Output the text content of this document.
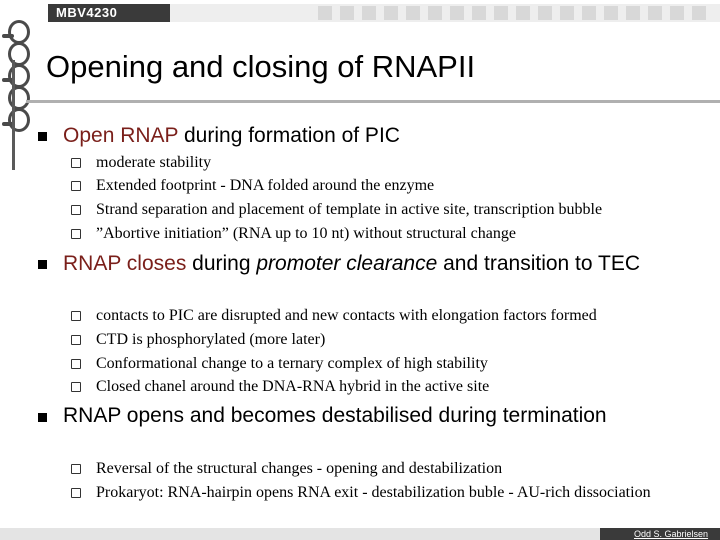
MBV4230
Opening and closing of RNAPII
Open RNAP during formation of PIC
moderate stability
Extended footprint - DNA folded around the enzyme
Strand separation and placement of template in active site, transcription bubble
”Abortive initiation” (RNA up to 10 nt) without structural change
RNAP closes during promoter clearance and transition to TEC
contacts to PIC are disrupted and new contacts with elongation factors formed
CTD is phosphorylated (more later)
Conformational change to a ternary complex of high stability
Closed chanel around the DNA-RNA hybrid in the active site
RNAP opens and becomes destabilised during termination
Reversal of the structural changes - opening and destabilization
Prokaryot: RNA-hairpin opens RNA exit - destabilization buble - AU-rich dissociation
Odd S. Gabrielsen
